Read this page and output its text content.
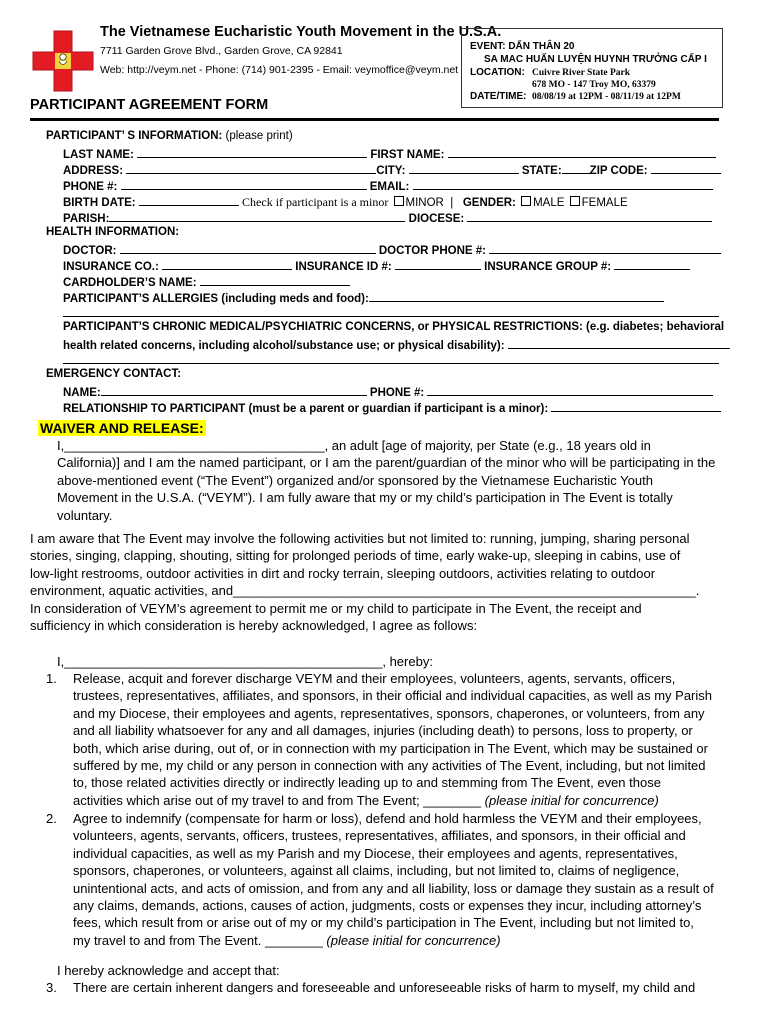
The Vietnamese Eucharistic Youth Movement in the U.S.A.
7711 Garden Grove Blvd., Garden Grove, CA 92841
Web: http://veym.net - Phone: (714) 901-2395 - Email: veymoffice@veym.net
EVENT: DẤN THÂN 20
SA MAC HUẤN LUYỆN HUYNH TRƯỞNG CẤP I
LOCATION: Cuivre River State Park
678 MO - 147 Troy MO, 63379
DATE/TIME: 08/08/19 at 12PM - 08/11/19 at 12PM
PARTICIPANT AGREEMENT FORM
PARTICIPANT’ S INFORMATION: (please print)
LAST NAME:	FIRST NAME:
ADDRESS:	CITY:	STATE: ZIP CODE:
PHONE #:	EMAIL:
BIRTH DATE:	Check if participant is a minor MINOR  |   GENDER: MALE FEMALE
PARISH:	DIOCESE:
HEALTH INFORMATION:
DOCTOR:	DOCTOR PHONE #:
INSURANCE CO.:	INSURANCE ID #:	INSURANCE GROUP #:
CARDHOLDER’S NAME:
PARTICIPANT’S ALLERGIES (including meds and food):
PARTICIPANT’S CHRONIC MEDICAL/PSYCHIATRIC CONCERNS, or PHYSICAL RESTRICTIONS: (e.g. diabetes; behavioral
health related concerns, including alcohol/substance use; or physical disability):
EMERGENCY CONTACT:
NAME:	PHONE #:
RELATIONSHIP TO PARTICIPANT (must be a parent or guardian if participant is a minor):
WAIVER AND RELEASE:
I,____________________________________, an adult [age of majority, per State (e.g., 18 years old in
California)] and I am the named participant, or I am the parent/guardian of the minor who will be participating in the
above-mentioned event (“The Event”) organized and/or sponsored by the Vietnamese Eucharistic Youth
Movement in the U.S.A. (“VEYM”). I am fully aware that my or my child’s participation in The Event is totally
voluntary.
I am aware that The Event may involve the following activities but not limited to: running, jumping, sharing personal
stories, singing, clapping, shouting, sitting for prolonged periods of time, early wake-up, sleeping in cabins, use of
low-light restrooms, outdoor activities in dirt and rocky terrain, sleeping outdoors, activities relating to outdoor
environment, aquatic activities, and________________________________________________________________.
In consideration of VEYM’s agreement to permit me or my child to participate in The Event, the receipt and
sufficiency in which consideration is hereby acknowledged, I agree as follows:
I,____________________________________________, hereby:
1. Release, acquit and forever discharge VEYM and their employees, volunteers, agents, servants, officers,
trustees, representatives, affiliates, and sponsors, in their official and individual capacities, as well as my Parish
and my Diocese, their employees and agents, representatives, sponsors, chaperones, or volunteers, from any
and all liability whatsoever for any and all damages, injuries (including death) to persons, loss to property, or
both, which arise during, out of, or in connection with my participation in The Event, which may be sustained or
suffered by me, my child or any person in connection with any activities of The Event, including, but not limited
to, those related activities directly or indirectly leading up to and stemming from The Event, even those
activities which arise out of my travel to and from The Event; ________ (please initial for concurrence)
2. Agree to indemnify (compensate for harm or loss), defend and hold harmless the VEYM and their employees,
volunteers, agents, servants, officers, trustees, representatives, affiliates, and sponsors, in their official and
individual capacities, as well as my Parish and my Diocese, their employees and agents, representatives,
sponsors, chaperones, or volunteers, against all claims, including, but not limited to, claims of negligence,
unintentional acts, and acts of omission, and from any and all liability, loss or damage they sustain as a result of
any claims, demands, actions, causes of action, judgments, costs or expenses they incur, including attorney’s
fees, which result from or arise out of my or my child’s participation in The Event, including but not limited to,
my travel to and from The Event. ________ (please initial for concurrence)
I hereby acknowledge and accept that:
3. There are certain inherent dangers and foreseeable and unforeseeable risks of harm to myself, my child and
